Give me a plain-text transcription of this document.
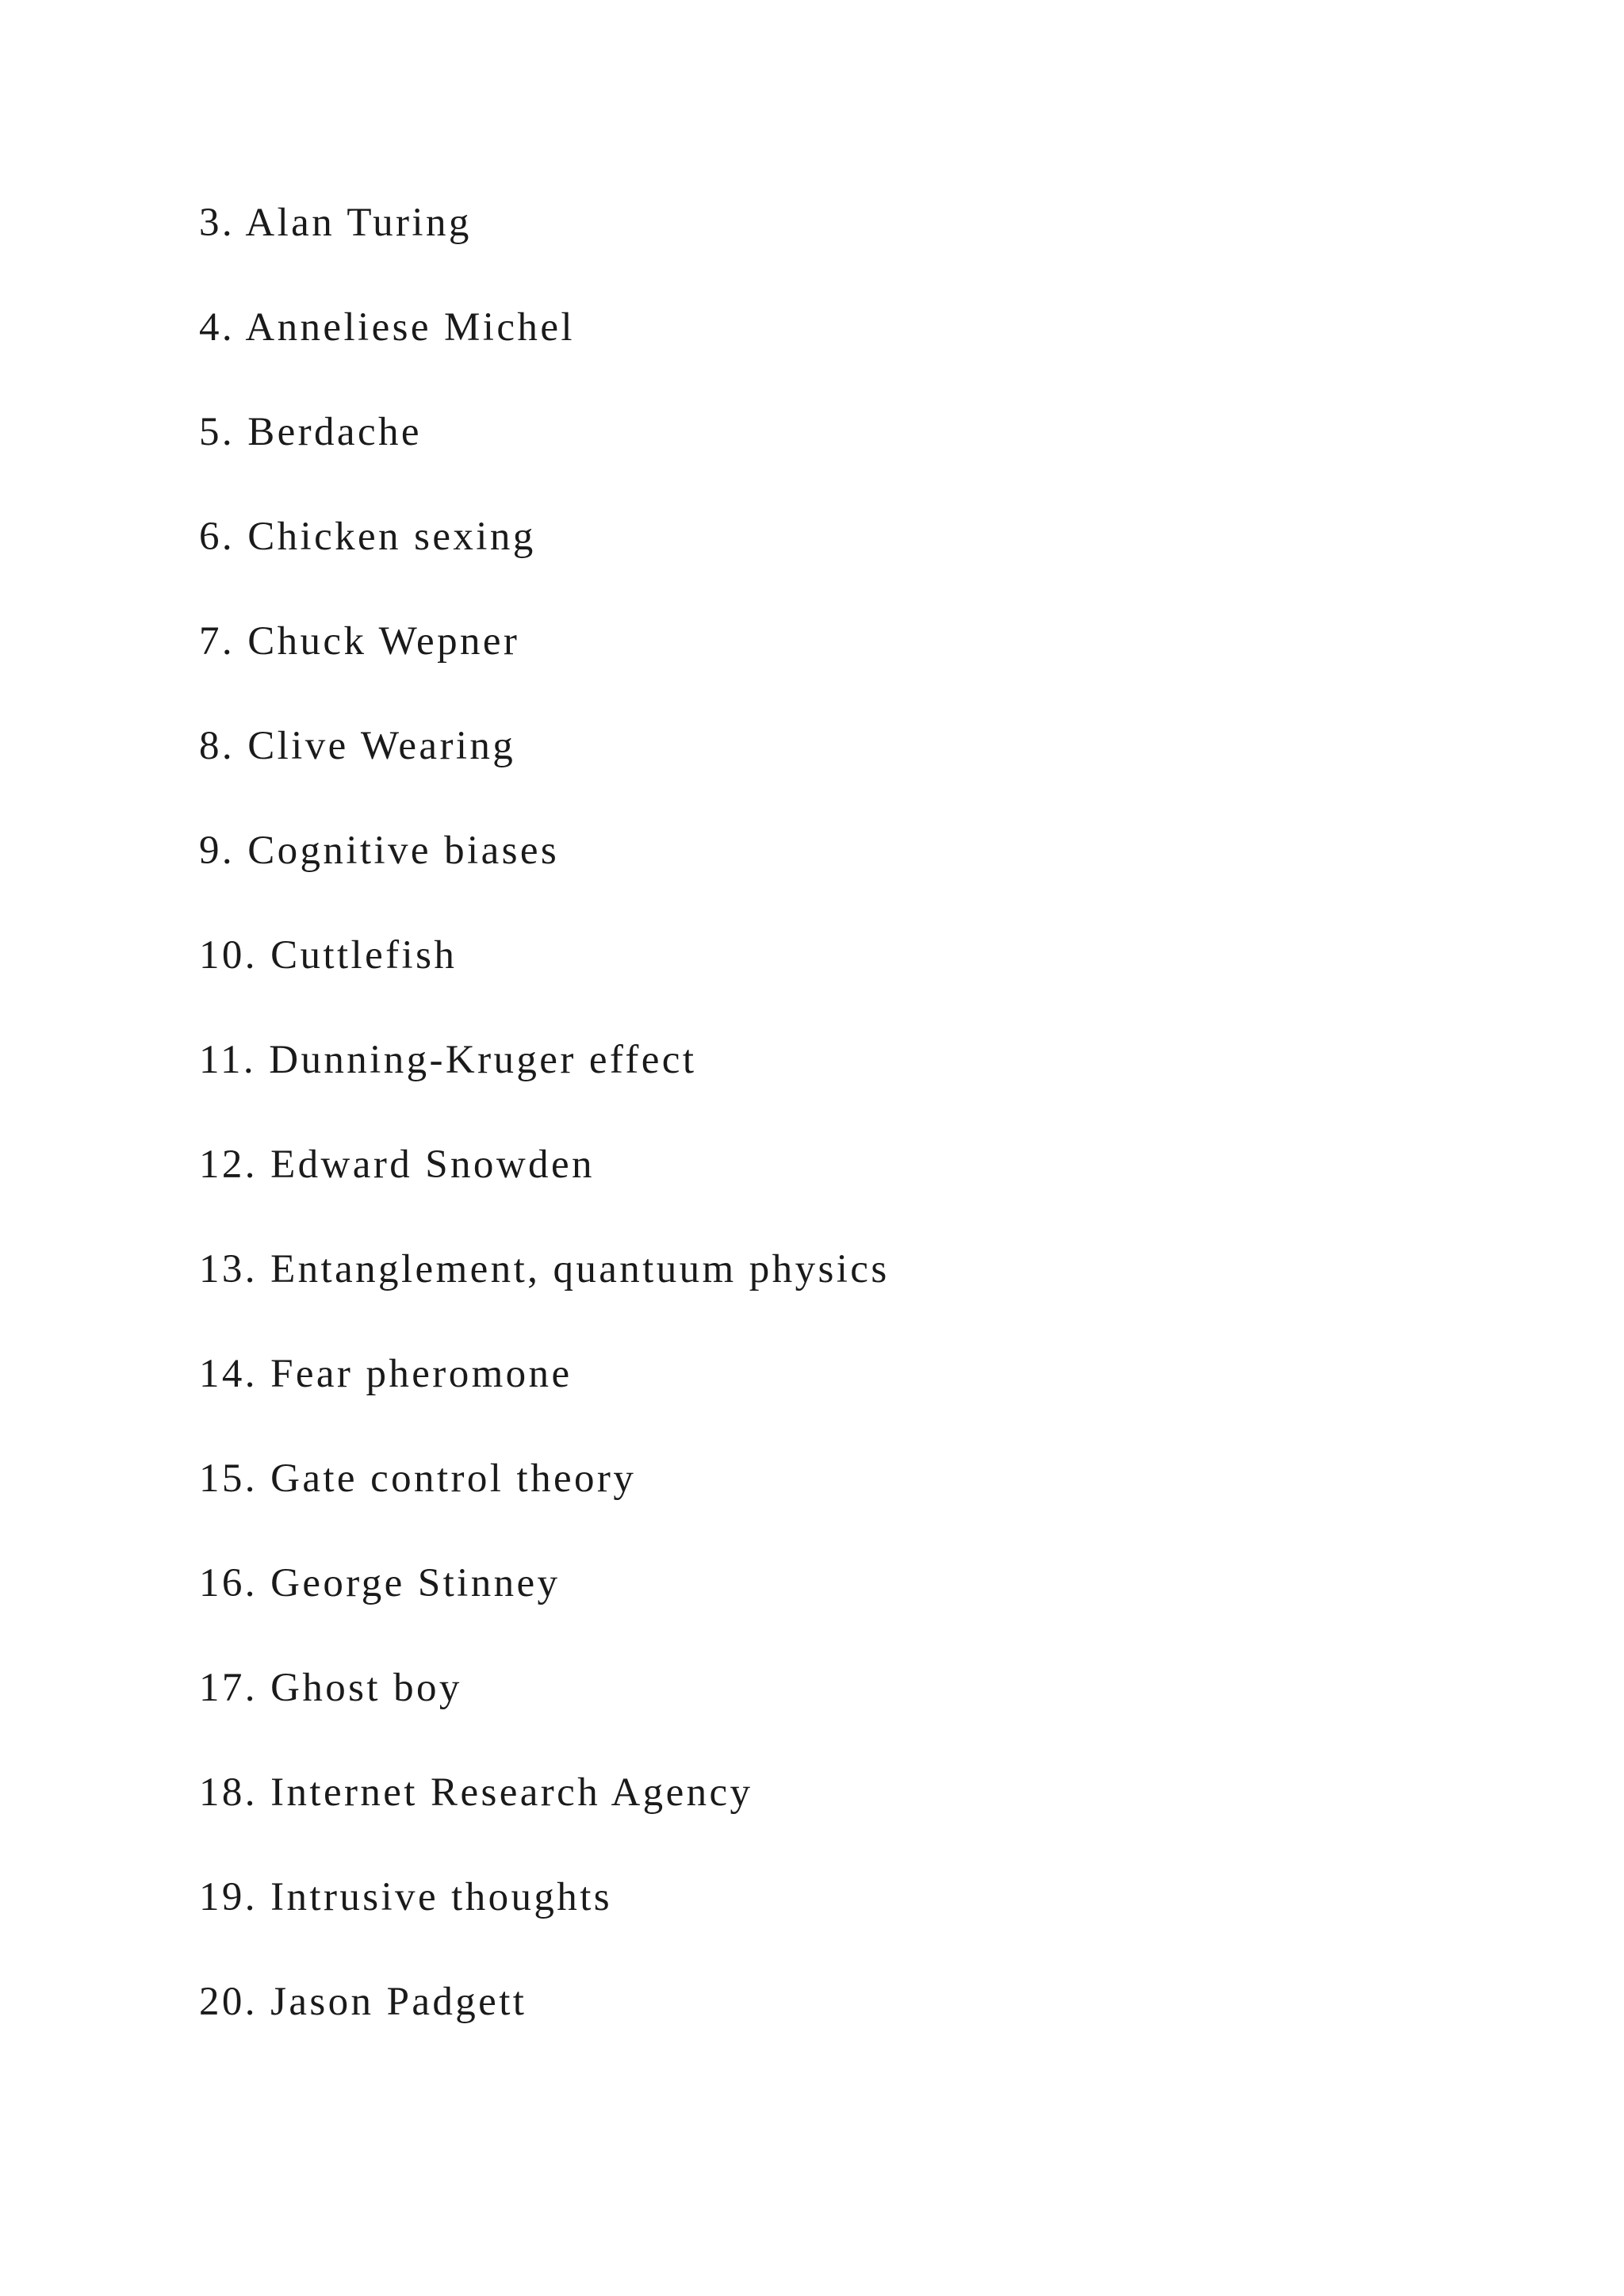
3. Alan Turing
4. Anneliese Michel
5. Berdache
6. Chicken sexing
7. Chuck Wepner
8. Clive Wearing
9. Cognitive biases
10. Cuttlefish
11. Dunning-Kruger effect
12. Edward Snowden
13. Entanglement, quantuum physics
14. Fear pheromone
15. Gate control theory
16. George Stinney
17. Ghost boy
18. Internet Research Agency
19. Intrusive thoughts
20. Jason Padgett
